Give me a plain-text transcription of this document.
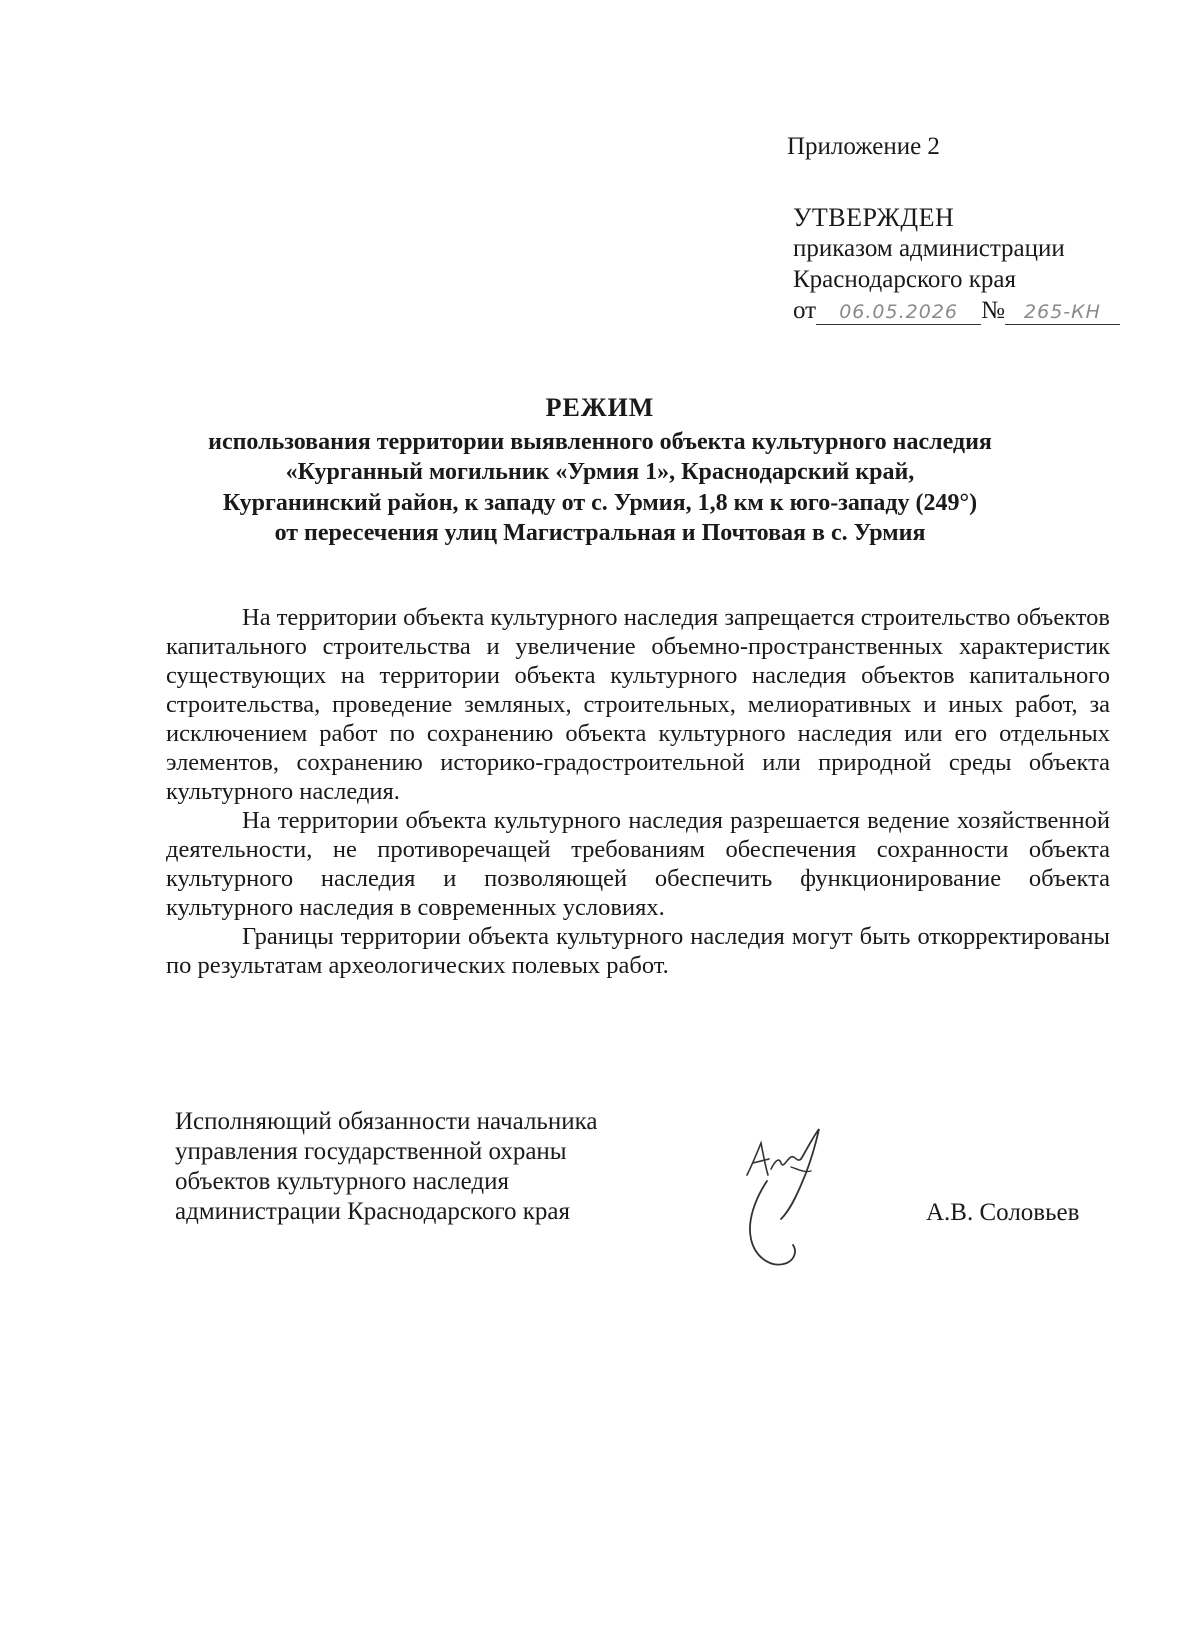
Приложение 2
УТВЕРЖДЕН
приказом администрации
Краснодарского края
от 06.05.2026 № 265-КН
РЕЖИМ
использования территории выявленного объекта культурного наследия
«Курганный могильник «Урмия 1», Краснодарский край,
Курганинский район, к западу от с. Урмия, 1,8 км к юго-западу (249°)
от пересечения улиц Магистральная и Почтовая в с. Урмия

На территории объекта культурного наследия запрещается строительство объектов капитального строительства и увеличение объемно-пространственных характеристик существующих на территории объекта культурного наследия объектов капитального строительства, проведение земляных, строительных, мелиоративных и иных работ, за исключением работ по сохранению объекта культурного наследия или его отдельных элементов, сохранению историко-градостроительной или природной среды объекта культурного наследия.

На территории объекта культурного наследия разрешается ведение хозяйственной деятельности, не противоречащей требованиям обеспечения сохранности объекта культурного наследия и позволяющей обеспечить функционирование объекта культурного наследия в современных условиях.

Границы территории объекта культурного наследия могут быть откорректированы по результатам археологических полевых работ.

Исполняющий обязанности начальника
управления государственной охраны
объектов культурного наследия
администрации Краснодарского края	А.В. Соловьев
